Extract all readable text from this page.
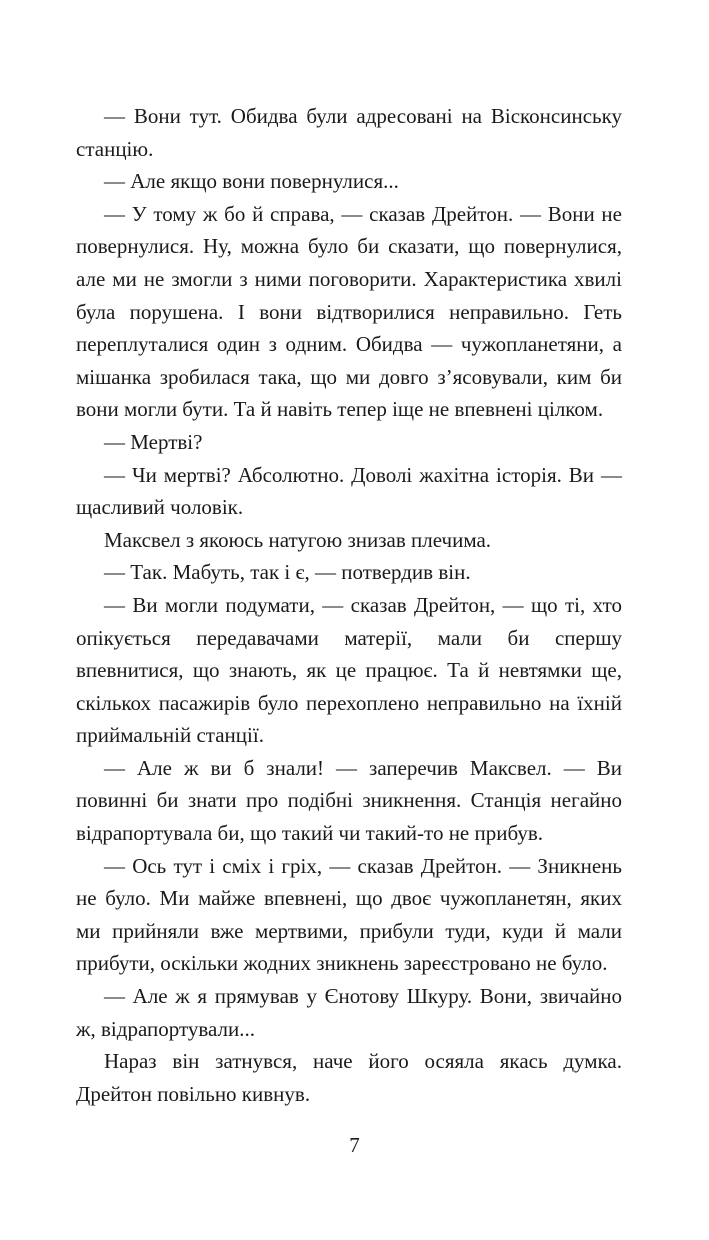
— Вони тут. Обидва були адресовані на Вісконсинську станцію.

— Але якщо вони повернулися...

— У тому ж бо й справа, — сказав Дрейтон. — Вони не повернулися. Ну, можна було би сказати, що повернулися, але ми не змогли з ними поговорити. Характеристика хвилі була порушена. І вони відтворилися неправильно. Геть переплуталися один з одним. Обидва — чужопланетяни, а мішанка зробилася така, що ми довго з’ясовували, ким би вони могли бути. Та й навіть тепер іще не впевнені цілком.

— Мертві?

— Чи мертві? Абсолютно. Доволі жахітна історія. Ви — щасливий чоловік.

Максвел з якоюсь натугою знизав плечима.

— Так. Мабуть, так і є, — потвердив він.

— Ви могли подумати, — сказав Дрейтон, — що ті, хто опікується передавачами матерії, мали би спершу впевнитися, що знають, як це працює. Та й невтямки ще, скількох пасажирів було перехоплено неправильно на їхній приймальній станції.

— Але ж ви б знали! — заперечив Максвел. — Ви повинні би знати про подібні зникнення. Станція негайно відрапортувала би, що такий чи такий-то не прибув.

— Ось тут і сміх і гріх, — сказав Дрейтон. — Зникнень не було. Ми майже впевнені, що двоє чужопланетян, яких ми прийняли вже мертвими, прибули туди, куди й мали прибути, оскільки жодних зникнень зареєстровано не було.

— Але ж я прямував у Єнотову Шкуру. Вони, звичайно ж, відрапортували...

Нараз він затнувся, наче його осяяла якась думка. Дрейтон повільно кивнув.

7
